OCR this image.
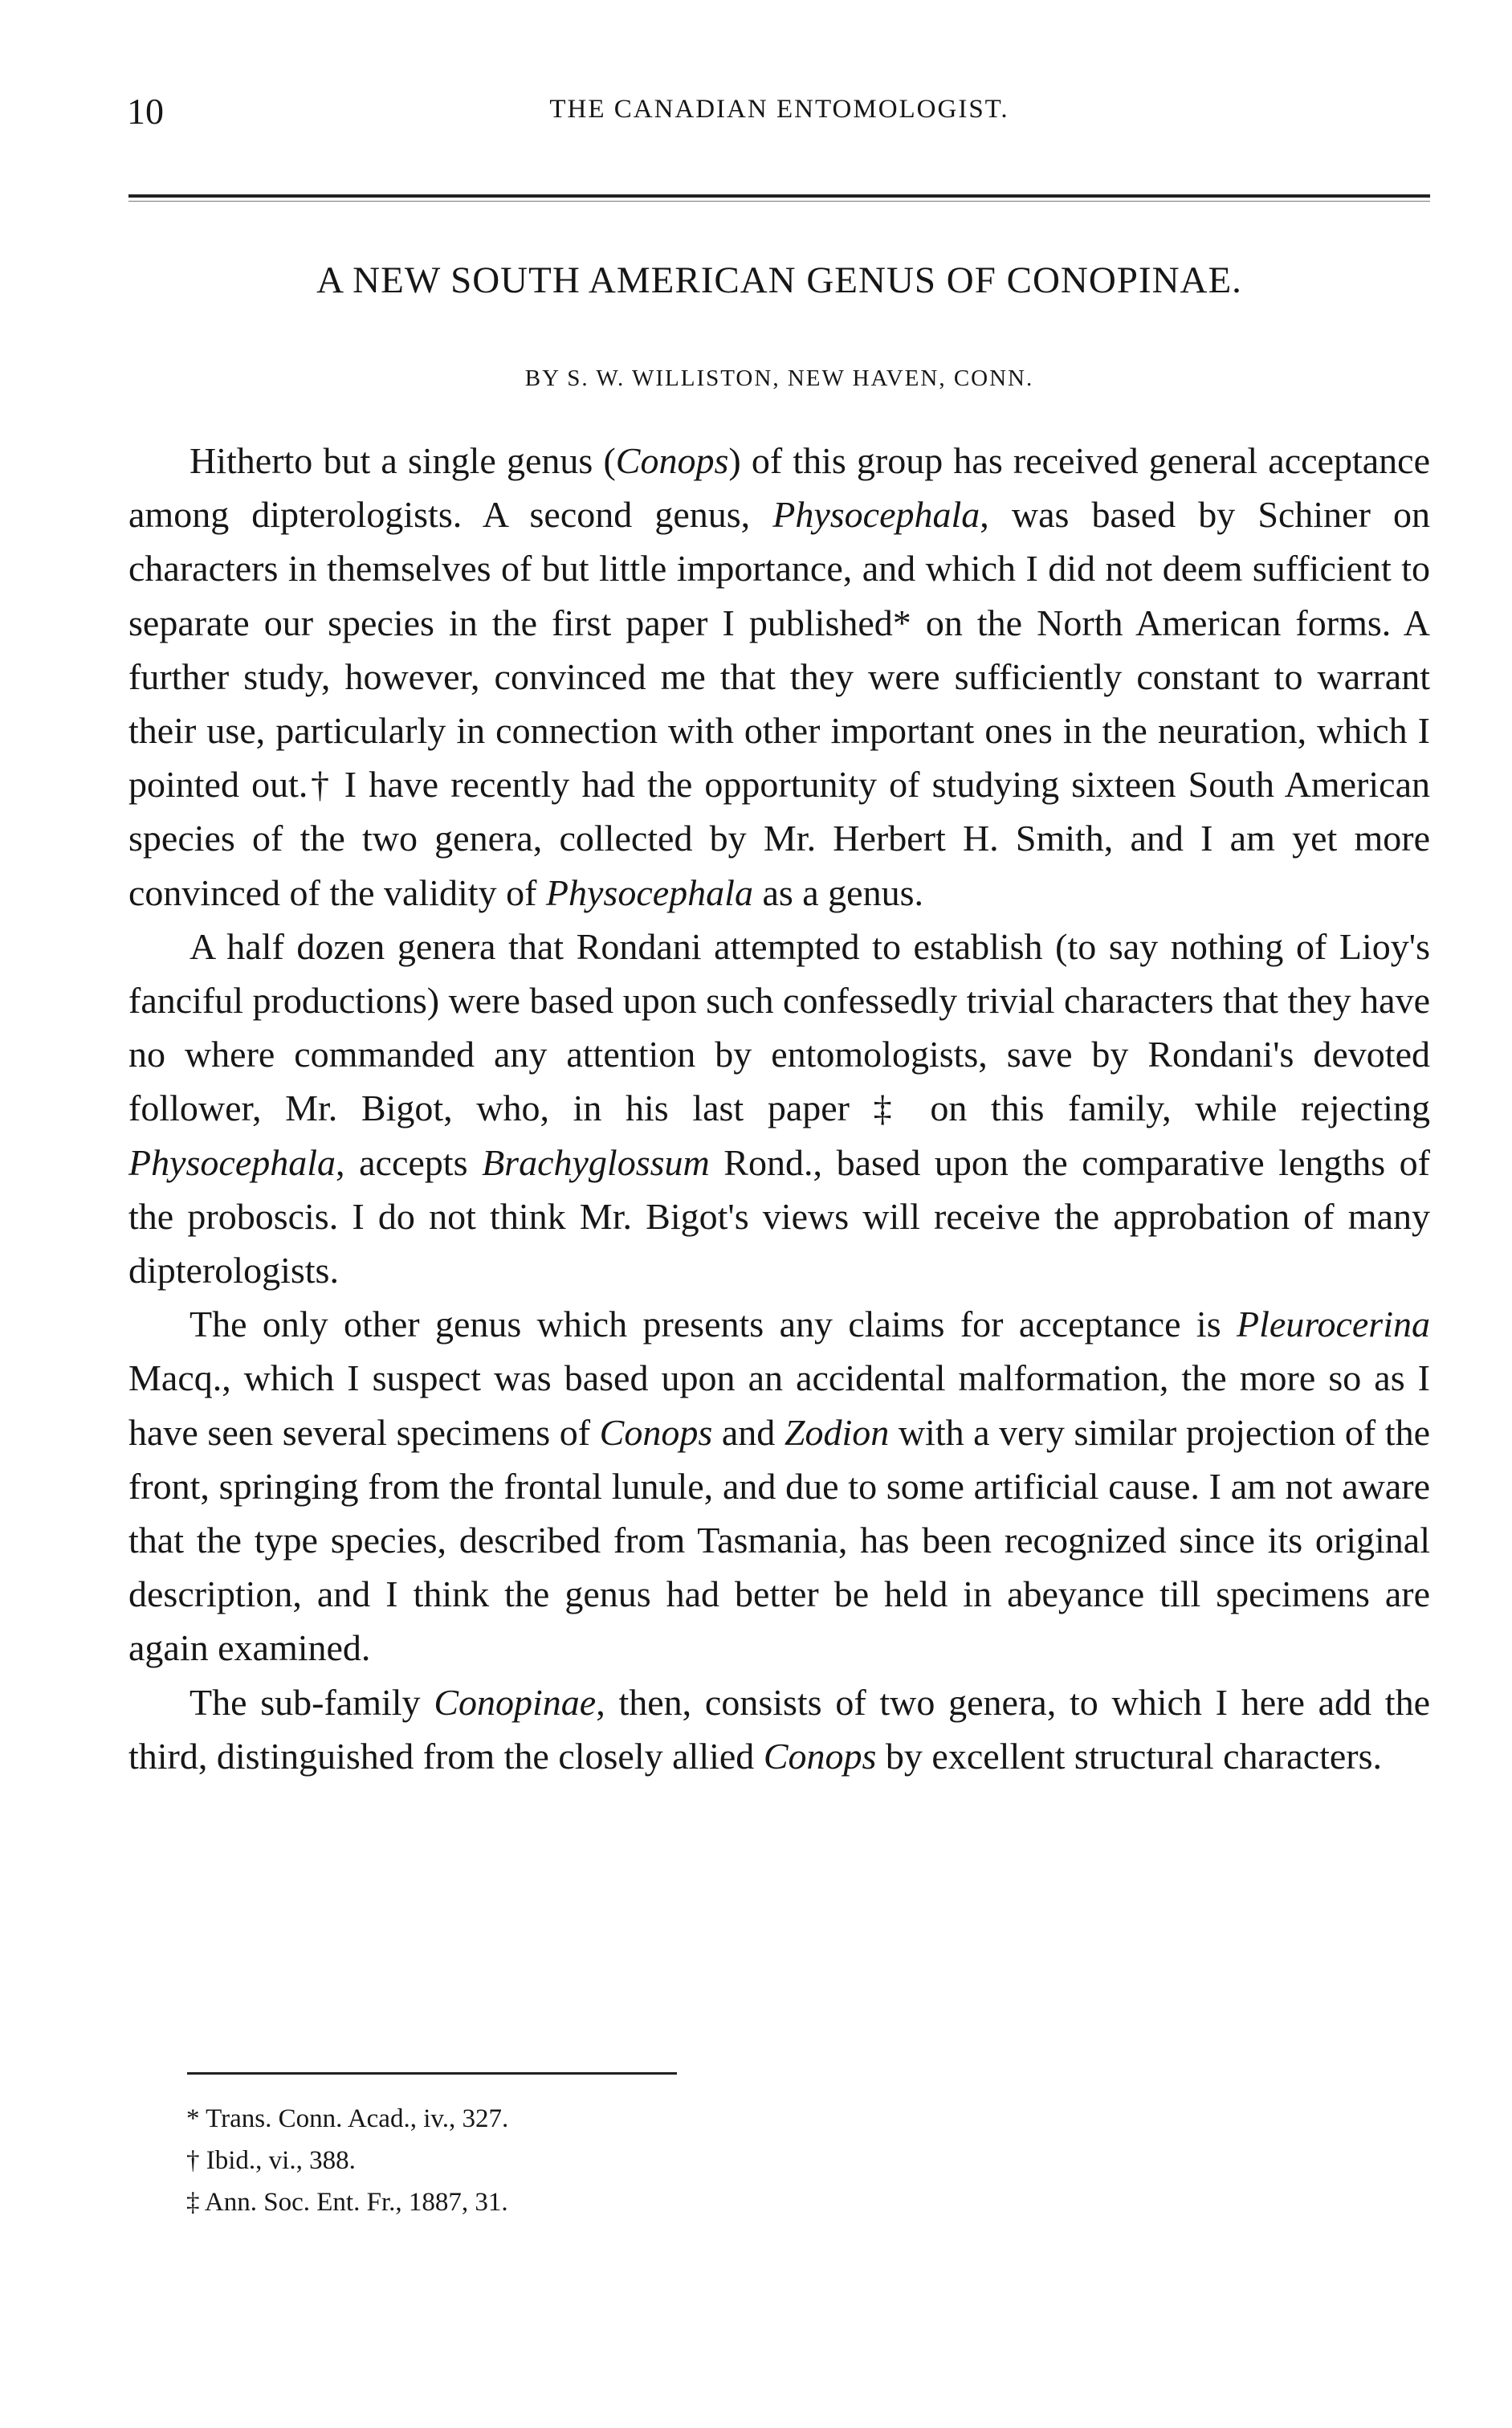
10	THE CANADIAN ENTOMOLOGIST.
A NEW SOUTH AMERICAN GENUS OF CONOPINAE.
BY S. W. WILLISTON, NEW HAVEN, CONN.

Hitherto but a single genus (Conops) of this group has received general acceptance among dipterologists. A second genus, Physocephala, was based by Schiner on characters in themselves of but little importance, and which I did not deem sufficient to separate our species in the first paper I published* on the North American forms. A further study, however, convinced me that they were sufficiently constant to warrant their use, particularly in connection with other important ones in the neuration, which I pointed out.† I have recently had the opportunity of studying sixteen South American species of the two genera, collected by Mr. Herbert H. Smith, and I am yet more convinced of the validity of Physocephala as a genus.

A half dozen genera that Rondani attempted to establish (to say nothing of Lioy's fanciful productions) were based upon such confessedly trivial characters that they have no where commanded any attention by entomologists, save by Rondani's devoted follower, Mr. Bigot, who, in his last paper ‡ on this family, while rejecting Physocephala, accepts Brachyglossum Rond., based upon the comparative lengths of the proboscis. I do not think Mr. Bigot's views will receive the approbation of many dipterologists.

The only other genus which presents any claims for acceptance is Pleurocerina Macq., which I suspect was based upon an accidental malformation, the more so as I have seen several specimens of Conops and Zodion with a very similar projection of the front, springing from the frontal lunule, and due to some artificial cause. I am not aware that the type species, described from Tasmania, has been recognized since its original description, and I think the genus had better be held in abeyance till specimens are again examined.

The sub-family Conopinae, then, consists of two genera, to which I here add the third, distinguished from the closely allied Conops by excellent structural characters.

* Trans. Conn. Acad., iv., 327.
† Ibid., vi., 388.
‡ Ann. Soc. Ent. Fr., 1887, 31.
